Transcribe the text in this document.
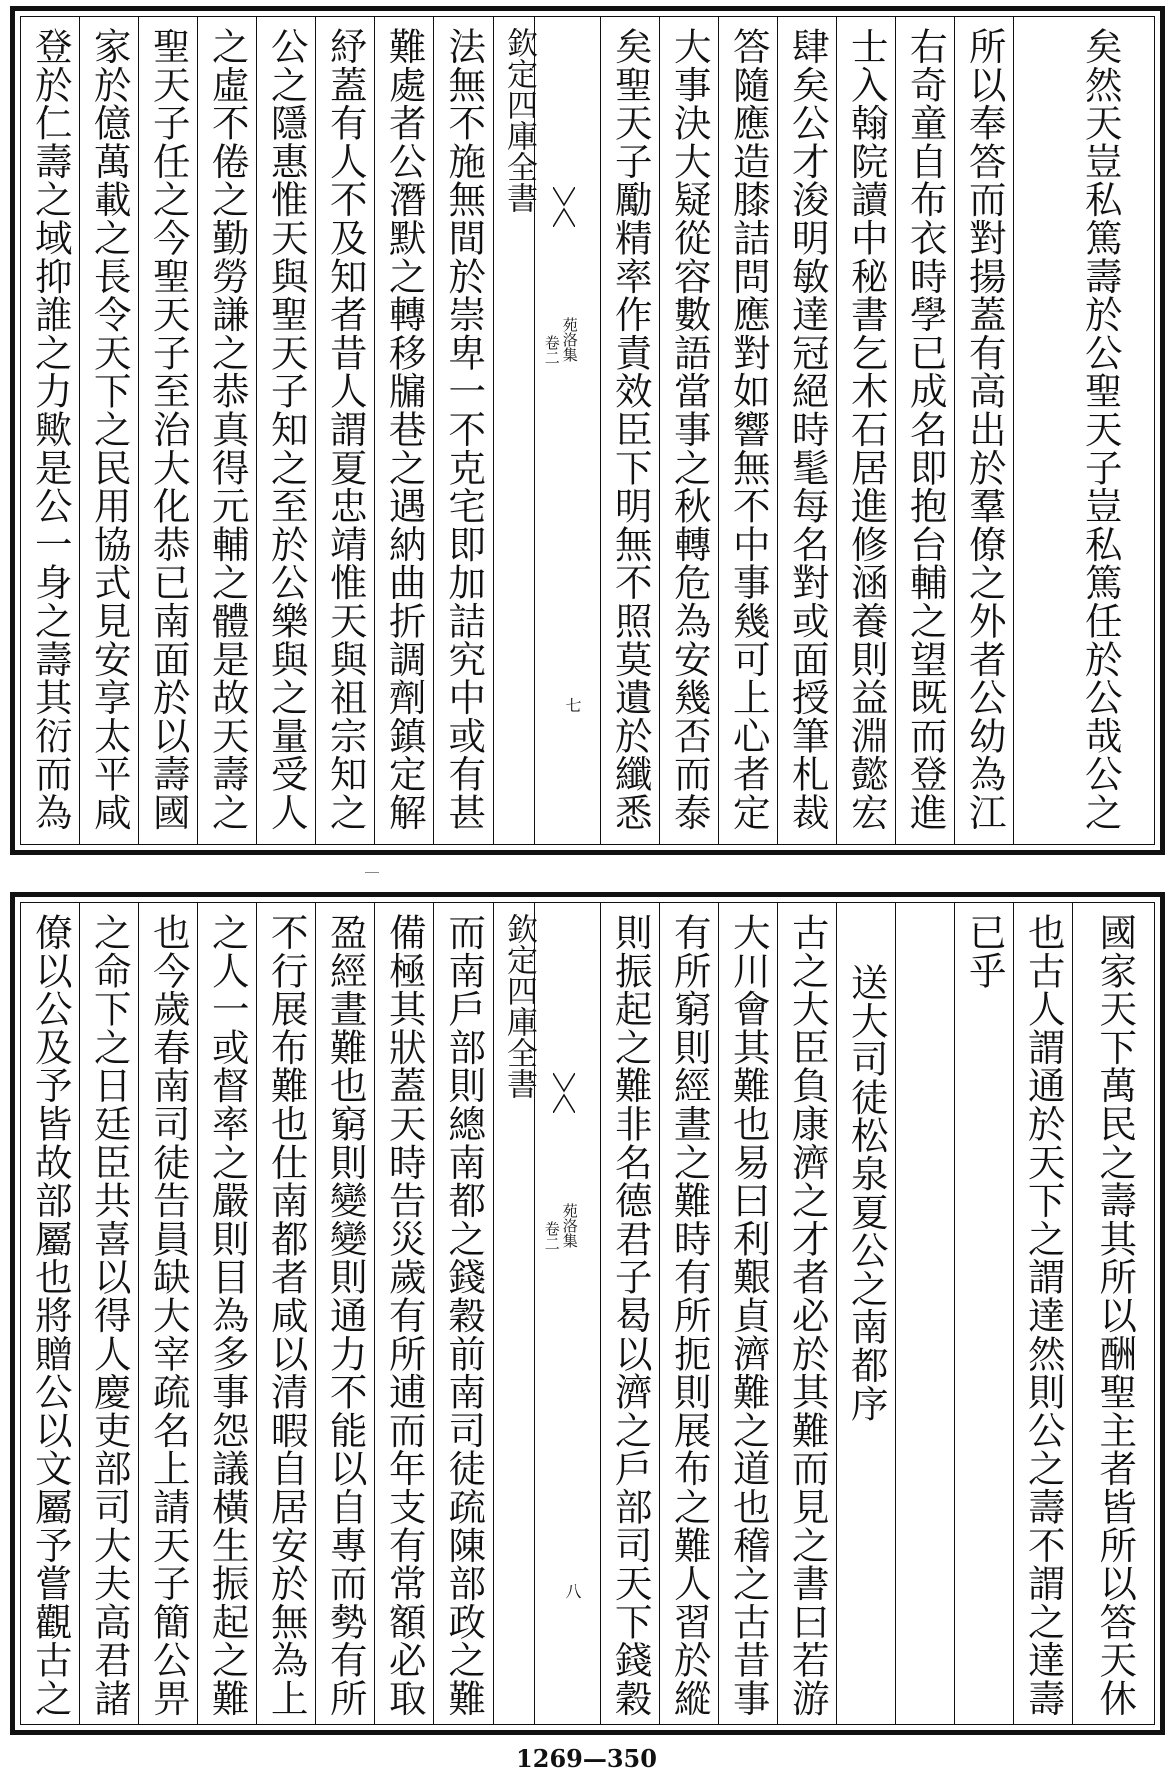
登於仁壽之域抑誰之力歟是公一身之壽其衍而為 家於億萬載之長令天下之民用協式見安享太平咸 聖天子任之今聖天子至治大化恭已南面於以壽國 之虛不倦之勤勞謙之恭真得元輔之體是故天壽之 公之隱惠惟天與聖天子知之至於公樂與之量受人 紓蓋有人不及知者昔人謂夏忠靖惟天與祖宗知之 難處者公潛默之轉移牖巷之遇納曲折調劑鎮定解 法無不施無間於崇卑一不克宅即加詰究中或有甚 欽定四庫全書
苑洛集
卷二
七 矣聖天子勵精率作責效臣下明無不照莫遺於纖悉 大事決大疑從容數語當事之秋轉危為安幾否而泰 答隨應造膝詰問應對如響無不中事幾可上心者定 肆矣公才浚明敏達冠絕時髦每名對或面授筆札裁 士入翰院讀中秘書乞木石居進修涵養則益淵懿宏 右奇童自布衣時學已成名即抱台輔之望既而登進 所以奉答而對揚蓋有高出於羣僚之外者公幼為江 矣然天豈私篤壽於公聖天子豈私篤任於公哉公之
僚以公及予皆故部屬也將贈公以文屬予嘗觀古之 之命下之日廷臣共喜以得人慶吏部司大夫高君諸 也今歲春南司徒告員缺大宰疏名上請天子簡公畀 之人一或督率之嚴則目為多事怨議橫生振起之難 不行展布難也仕南都者咸以清暇自居安於無為上 盈經晝難也窮則變變則通力不能以自專而勢有所 備極其狀蓋天時告災歲有所逋而年支有常額必取 而南戶部則總南都之錢穀前南司徒疏陳部政之難 欽定四庫全書
苑洛集
卷二
八 則振起之難非名德君子曷以濟之戶部司天下錢穀 有所窮則經晝之難時有所扼則展布之難人習於縱 大川會其難也易曰利艱貞濟難之道也稽之古昔事 古之大臣負康濟之才者必於其難而見之書曰若游 送大司徒松泉夏公之南都序
已乎 也古人謂通於天下之謂達然則公之壽不謂之達壽 國家天下萬民之壽其所以酬聖主者皆所以答天休
1269—350
